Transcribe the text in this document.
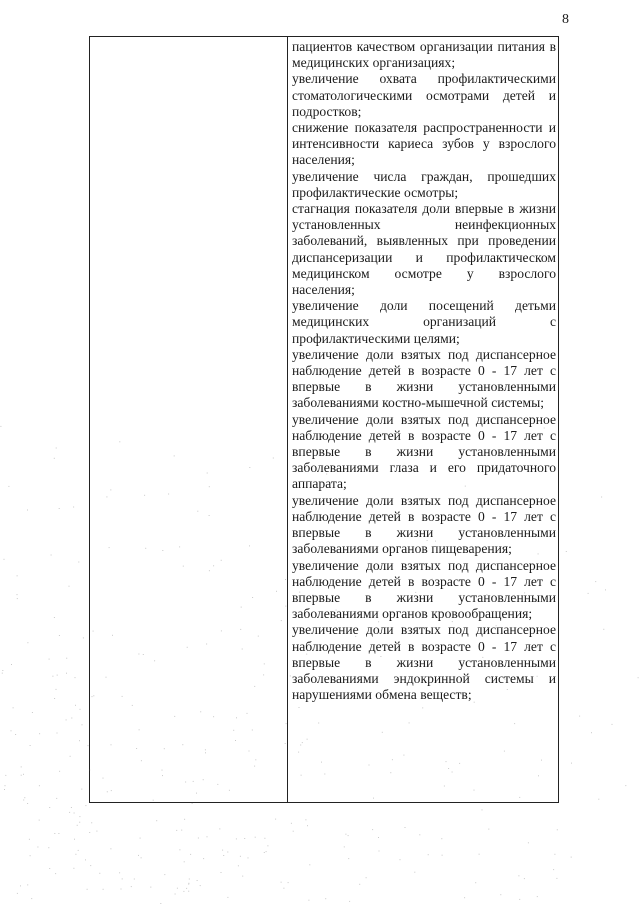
8

пациентов качеством организации питания в медицинских организациях;

увеличение охвата профилактическими стоматологическими осмотрами детей и подростков;

снижение показателя распространенности и интенсивности кариеса зубов у взрослого населения;

увеличение числа граждан, прошедших профилактические осмотры;

стагнация показателя доли впервые в жизни установленных неинфекционных заболеваний, выявленных при проведении диспансеризации и профилактическом медицинском осмотре у взрослого населения;

увеличение доли посещений детьми медицинских организаций с профилактическими целями;

увеличение доли взятых под диспансерное наблюдение детей в возрасте 0 - 17 лет с впервые в жизни установленными заболеваниями костно-мышечной системы;

увеличение доли взятых под диспансерное наблюдение детей в возрасте 0 - 17 лет с впервые в жизни установленными заболеваниями глаза и его придаточного аппарата;

увеличение доли взятых под диспансерное наблюдение детей в возрасте 0 - 17 лет с впервые в жизни установленными заболеваниями органов пищеварения;

увеличение доли взятых под диспансерное наблюдение детей в возрасте 0 - 17 лет с впервые в жизни установленными заболеваниями органов кровообращения;

увеличение доли взятых под диспансерное наблюдение детей в возрасте 0 - 17 лет с впервые в жизни установленными заболеваниями эндокринной системы и нарушениями обмена веществ;
